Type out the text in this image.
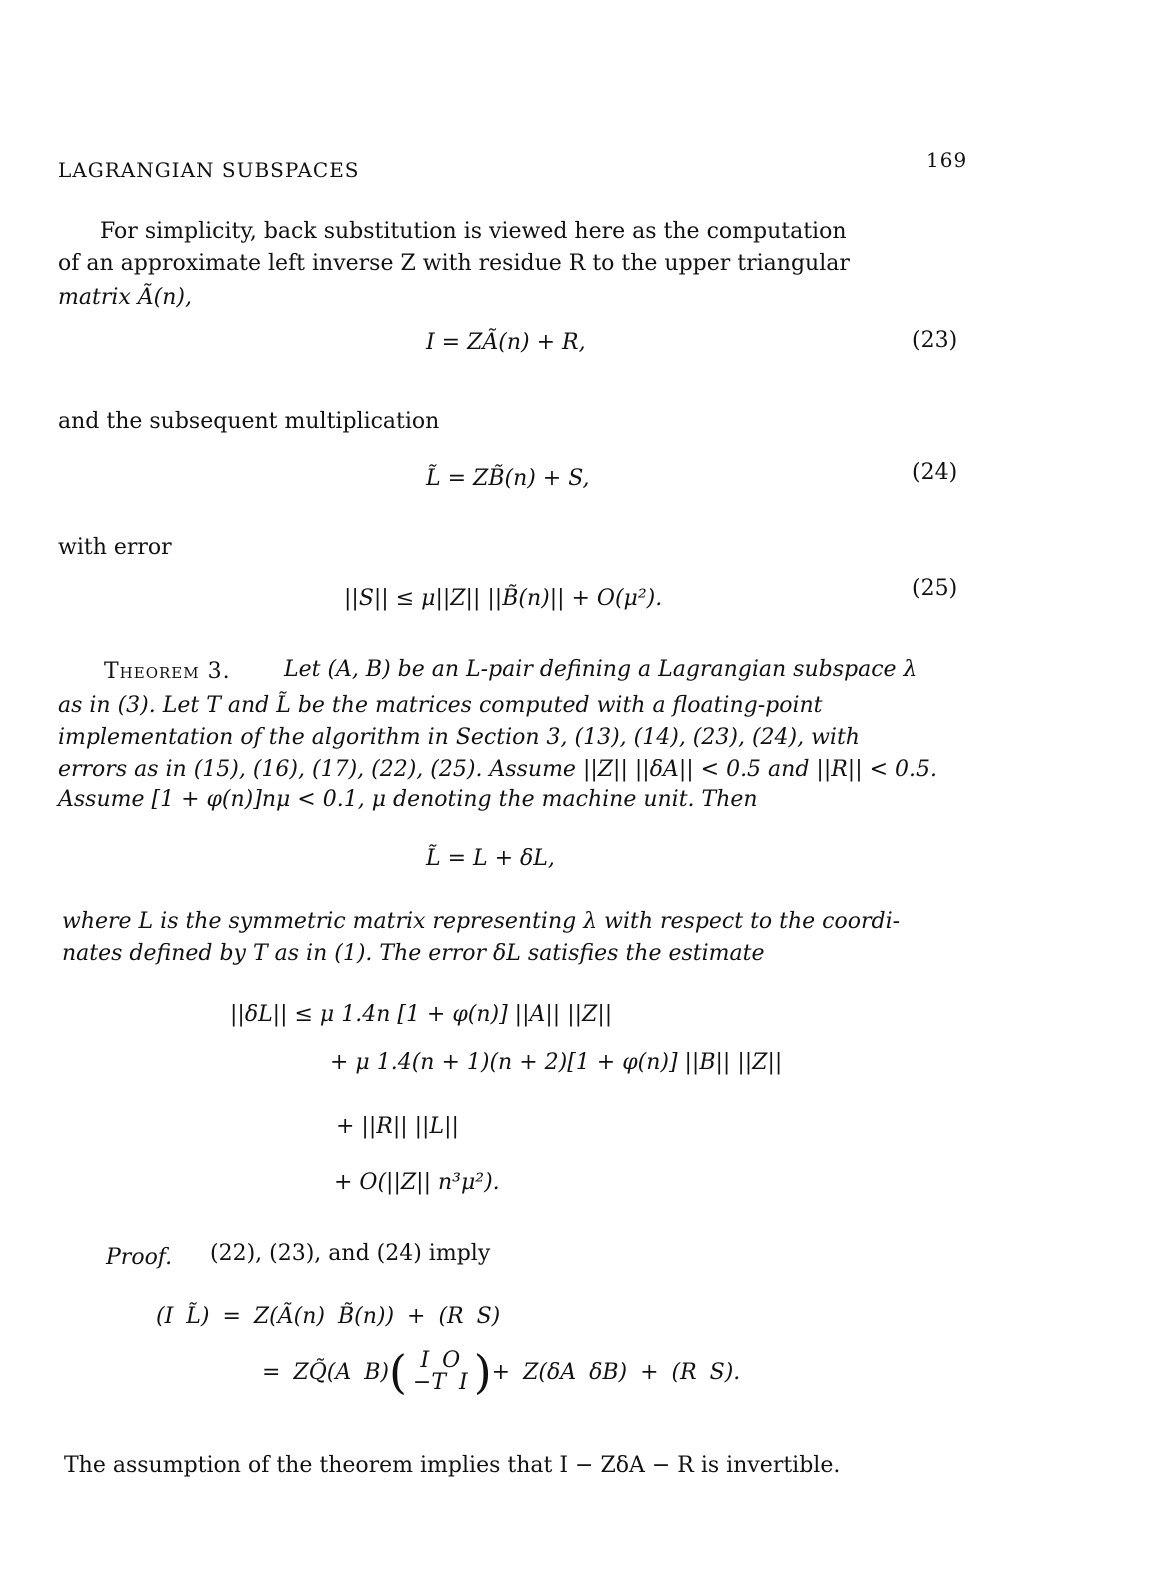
LAGRANGIAN SUBSPACES	169
For simplicity, back substitution is viewed here as the computation
of an approximate left inverse Z with residue R to the upper triangular
matrix Ã(n),
I = ZÃ(n) + R,	(23)
and the subsequent multiplication
L̃ = ZB̃(n) + S,	(24)
with error
||S|| ≤ μ||Z|| ||B̃(n)|| + O(μ²).	(25)
Theorem 3. Let (A, B) be an L-pair defining a Lagrangian subspace λ
as in (3). Let T and L̃ be the matrices computed with a floating-point
implementation of the algorithm in Section 3, (13), (14), (23), (24), with
errors as in (15), (16), (17), (22), (25). Assume ||Z|| ||δA|| < 0.5 and ||R|| < 0.5.
Assume [1 + φ(n)]nμ < 0.1, μ denoting the machine unit. Then
L̃ = L + δL,
where L is the symmetric matrix representing λ with respect to the coordi-
nates defined by T as in (1). The error δL satisfies the estimate
||δL|| ≤ μ 1.4n [1 + φ(n)] ||A|| ||Z||
+ μ 1.4(n + 1)(n + 2)[1 + φ(n)] ||B|| ||Z||
+ ||R|| ||L||
+ O(||Z|| n³μ²).
Proof. (22), (23), and (24) imply
(I L̃) = Z(Ã(n) B̃(n)) + (R S)
= ZQ̃(A B) ( I O
−T I ) + Z(δA δB) + (R S).
The assumption of the theorem implies that I − ZδA − R is invertible.
